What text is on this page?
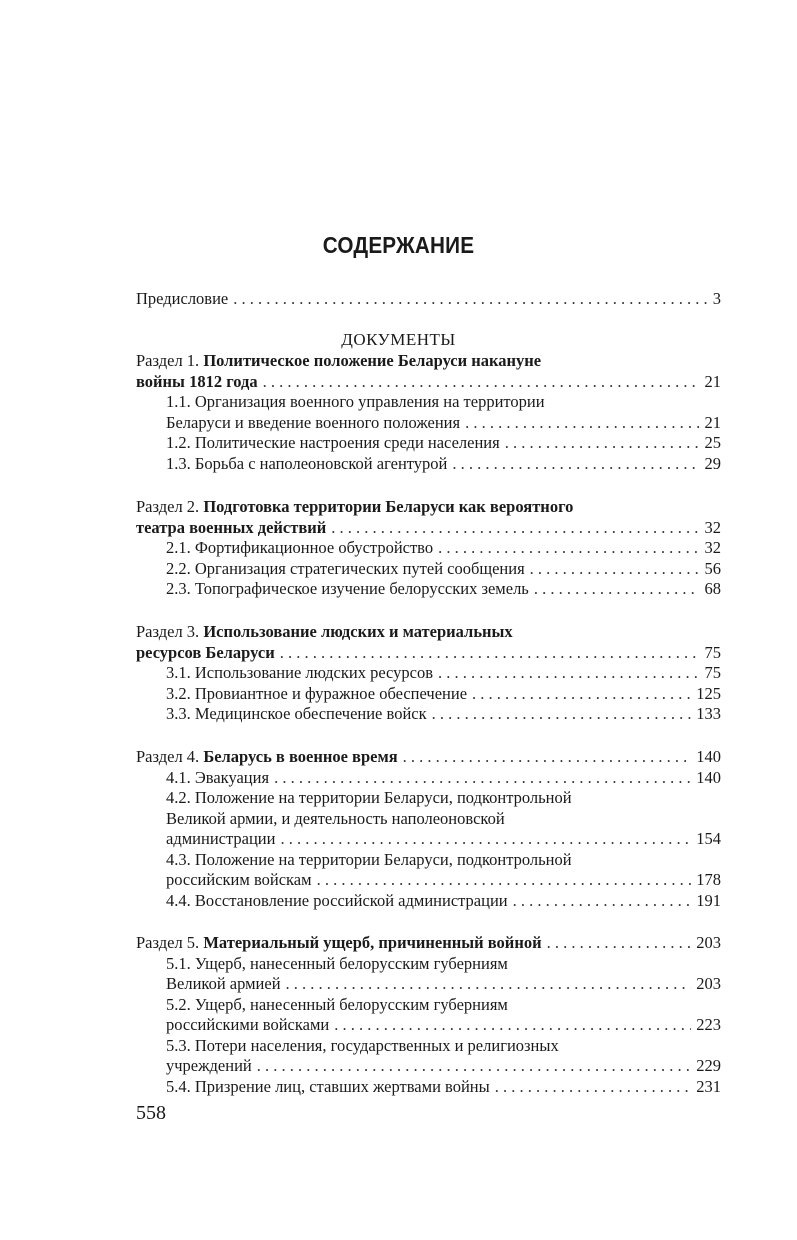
СОДЕРЖАНИЕ
Предисловие . . .	3
ДОКУМЕНТЫ
Раздел 1.
Политическое положение Беларуси накануне
войны 1812 года . . .	21
1.1. Организация военного управления на территории
Беларуси и введение военного положения . . .	21
1.2. Политические настроения среди населения . . .	25
1.3. Борьба с наполеоновской агентурой . . .	29
Раздел 2.
Подготовка территории Беларуси как вероятного
театра военных действий . . .	32
2.1. Фортификационное обустройство . . .	32
2.2. Организация стратегических путей сообщения . . .	56
2.3. Топографическое изучение белорусских земель . . .	68
Раздел 3.
Использование людских и материальных
ресурсов Беларуси . . .	75
3.1. Использование людских ресурсов . . .	75
3.2. Провиантное и фуражное обеспечение . . .	125
3.3. Медицинское обеспечение войск . . .	133
Раздел 4.
Беларусь в военное время . . .	140
4.1. Эвакуация . . .	140
4.2. Положение на территории Беларуси, подконтрольной
Великой армии, и деятельность наполеоновской
администрации . . .	154
4.3. Положение на территории Беларуси, подконтрольной
российским войскам . . .	178
4.4. Восстановление российской администрации . . .	191
Раздел 5.
Материальный ущерб, причиненный войной . . .	203
5.1. Ущерб, нанесенный белорусским губерниям
Великой армией . . .	203
5.2. Ущерб, нанесенный белорусским губерниям
российскими войсками . . .	223
5.3. Потери населения, государственных и религиозных
учреждений . . .	229
5.4. Призрение лиц, ставших жертвами войны . . .	231
558
